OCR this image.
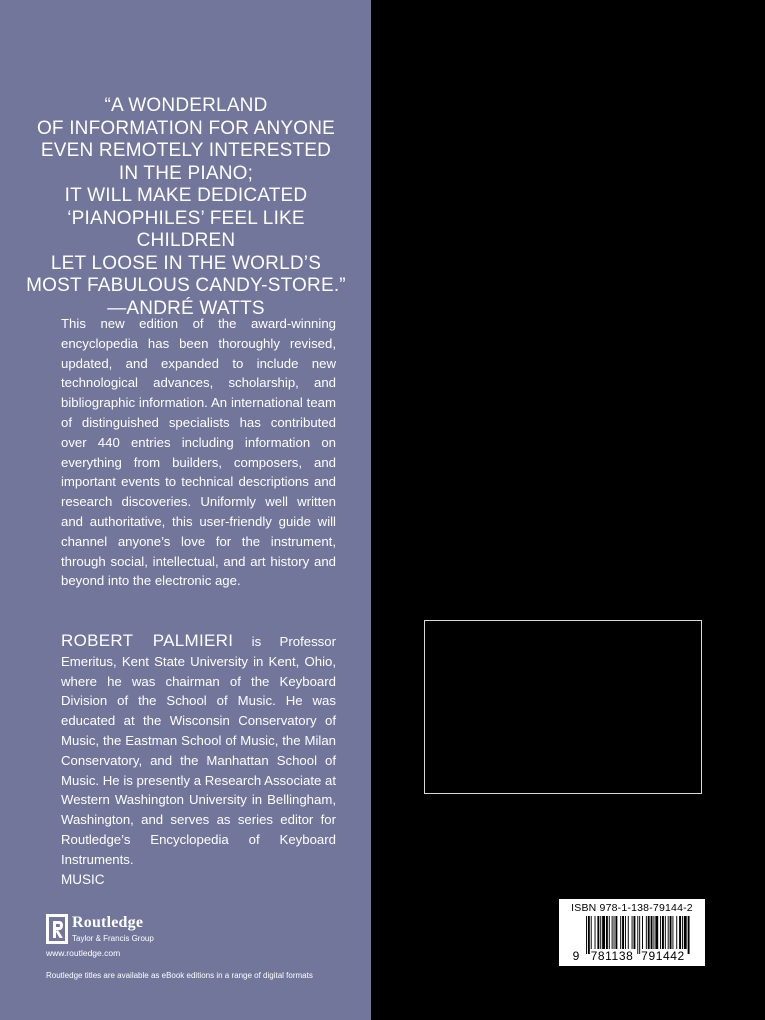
“A WONDERLAND
OF INFORMATION FOR ANYONE
EVEN REMOTELY INTERESTED
IN THE PIANO;
IT WILL MAKE DEDICATED
‘PIANOPHILES’ FEEL LIKE CHILDREN
LET LOOSE IN THE WORLD’S
MOST FABULOUS CANDY-STORE.”
—ANDRÉ WATTS
This new edition of the award-winning encyclopedia has been thoroughly revised, updated, and expanded to include new technological advances, scholarship, and bibliographic information. An international team of distinguished specialists has contributed over 440 entries including information on everything from builders, composers, and important events to technical descriptions and research discoveries. Uniformly well written and authoritative, this user-friendly guide will channel anyone’s love for the instrument, through social, intellectual, and art history and beyond into the electronic age.
ROBERT PALMIERI is Professor Emeritus, Kent State University in Kent, Ohio, where he was chairman of the Keyboard Division of the School of Music. He was educated at the Wisconsin Conservatory of Music, the Eastman School of Music, the Milan Conservatory, and the Manhattan School of Music. He is presently a Research Associate at Western Washington University in Bellingham, Washington, and serves as series editor for Routledge’s Encyclopedia of Keyboard Instruments.
MUSIC
Routledge
Taylor & Francis Group
www.routledge.com
Routledge titles are available as eBook editions in a range of digital formats
ENCYCLOPEDIA OF KEYBOARD INSTRUMENTS
I	PIANO
II	HARPSICHORD AND CLAVICHORD
III	ORGAN
An authoritative series of A to Z reference works written by well-known specialists and featuring extensive illustrations and thorough indexing and cross-referencing. An outstanding new desktop resource for musicians, music lovers, and keyboard scholars.
COVER DESIGN: PEARL CHANG
COVER PHOTO: HARPSICHORD BY IONNES DANIEL DULCKEN, COURTESY OF THE SMITHSONIAN INSTITUTE
an informa business
ISBN 978-1-138-79144-2
9 781138 791442
